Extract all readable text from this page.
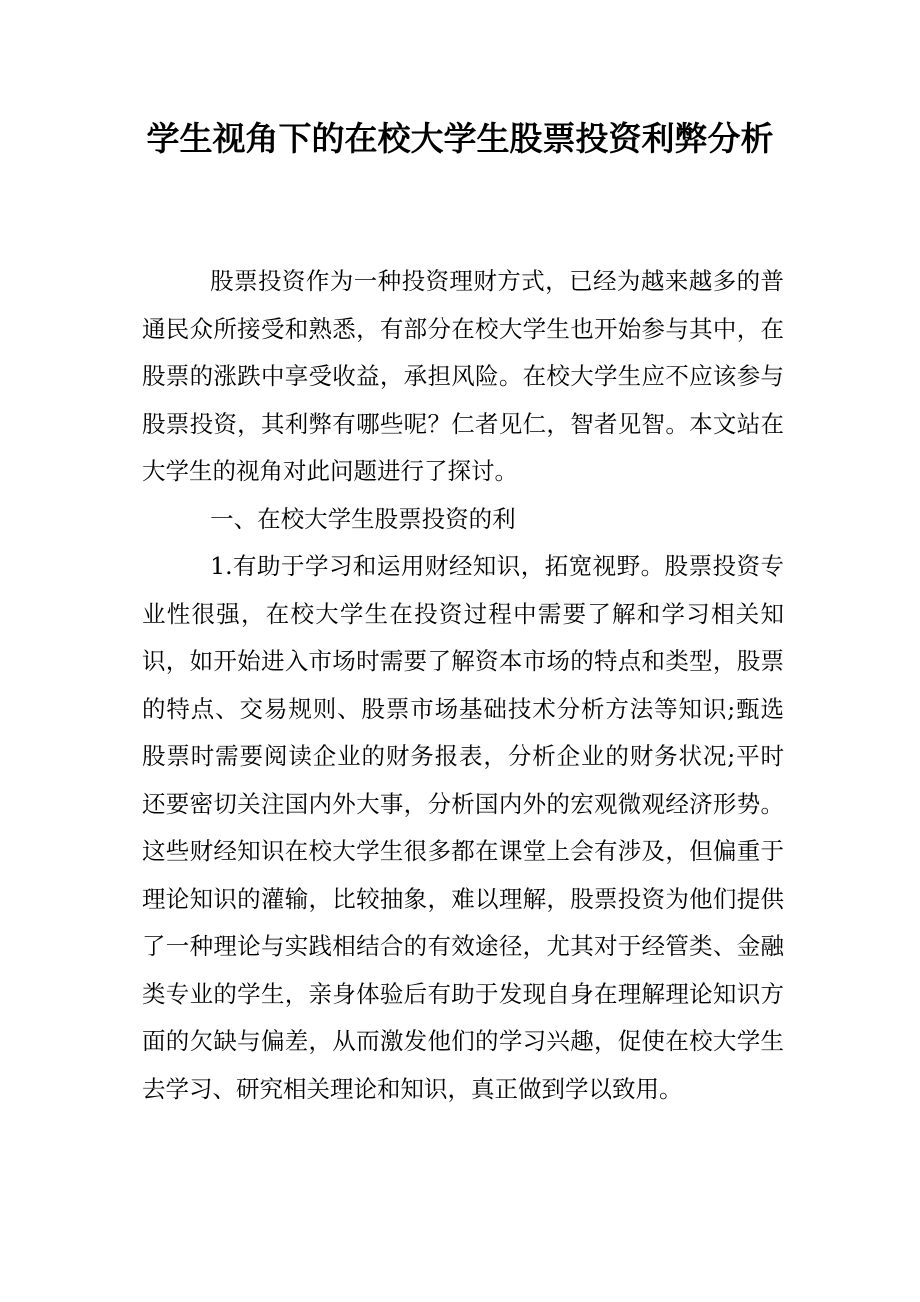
学生视角下的在校大学生股票投资利弊分析

股票投资作为一种投资理财方式，已经为越来越多的普通民众所接受和熟悉，有部分在校大学生也开始参与其中，在股票的涨跌中享受收益，承担风险。在校大学生应不应该参与股票投资，其利弊有哪些呢？仁者见仁，智者见智。本文站在大学生的视角对此问题进行了探讨。

一、在校大学生股票投资的利

1.有助于学习和运用财经知识，拓宽视野。股票投资专业性很强，在校大学生在投资过程中需要了解和学习相关知识，如开始进入市场时需要了解资本市场的特点和类型，股票的特点、交易规则、股票市场基础技术分析方法等知识;甄选股票时需要阅读企业的财务报表，分析企业的财务状况;平时还要密切关注国内外大事，分析国内外的宏观微观经济形势。这些财经知识在校大学生很多都在课堂上会有涉及，但偏重于理论知识的灌输，比较抽象，难以理解，股票投资为他们提供了一种理论与实践相结合的有效途径，尤其对于经管类、金融类专业的学生，亲身体验后有助于发现自身在理解理论知识方面的欠缺与偏差，从而激发他们的学习兴趣，促使在校大学生去学习、研究相关理论和知识，真正做到学以致用。
